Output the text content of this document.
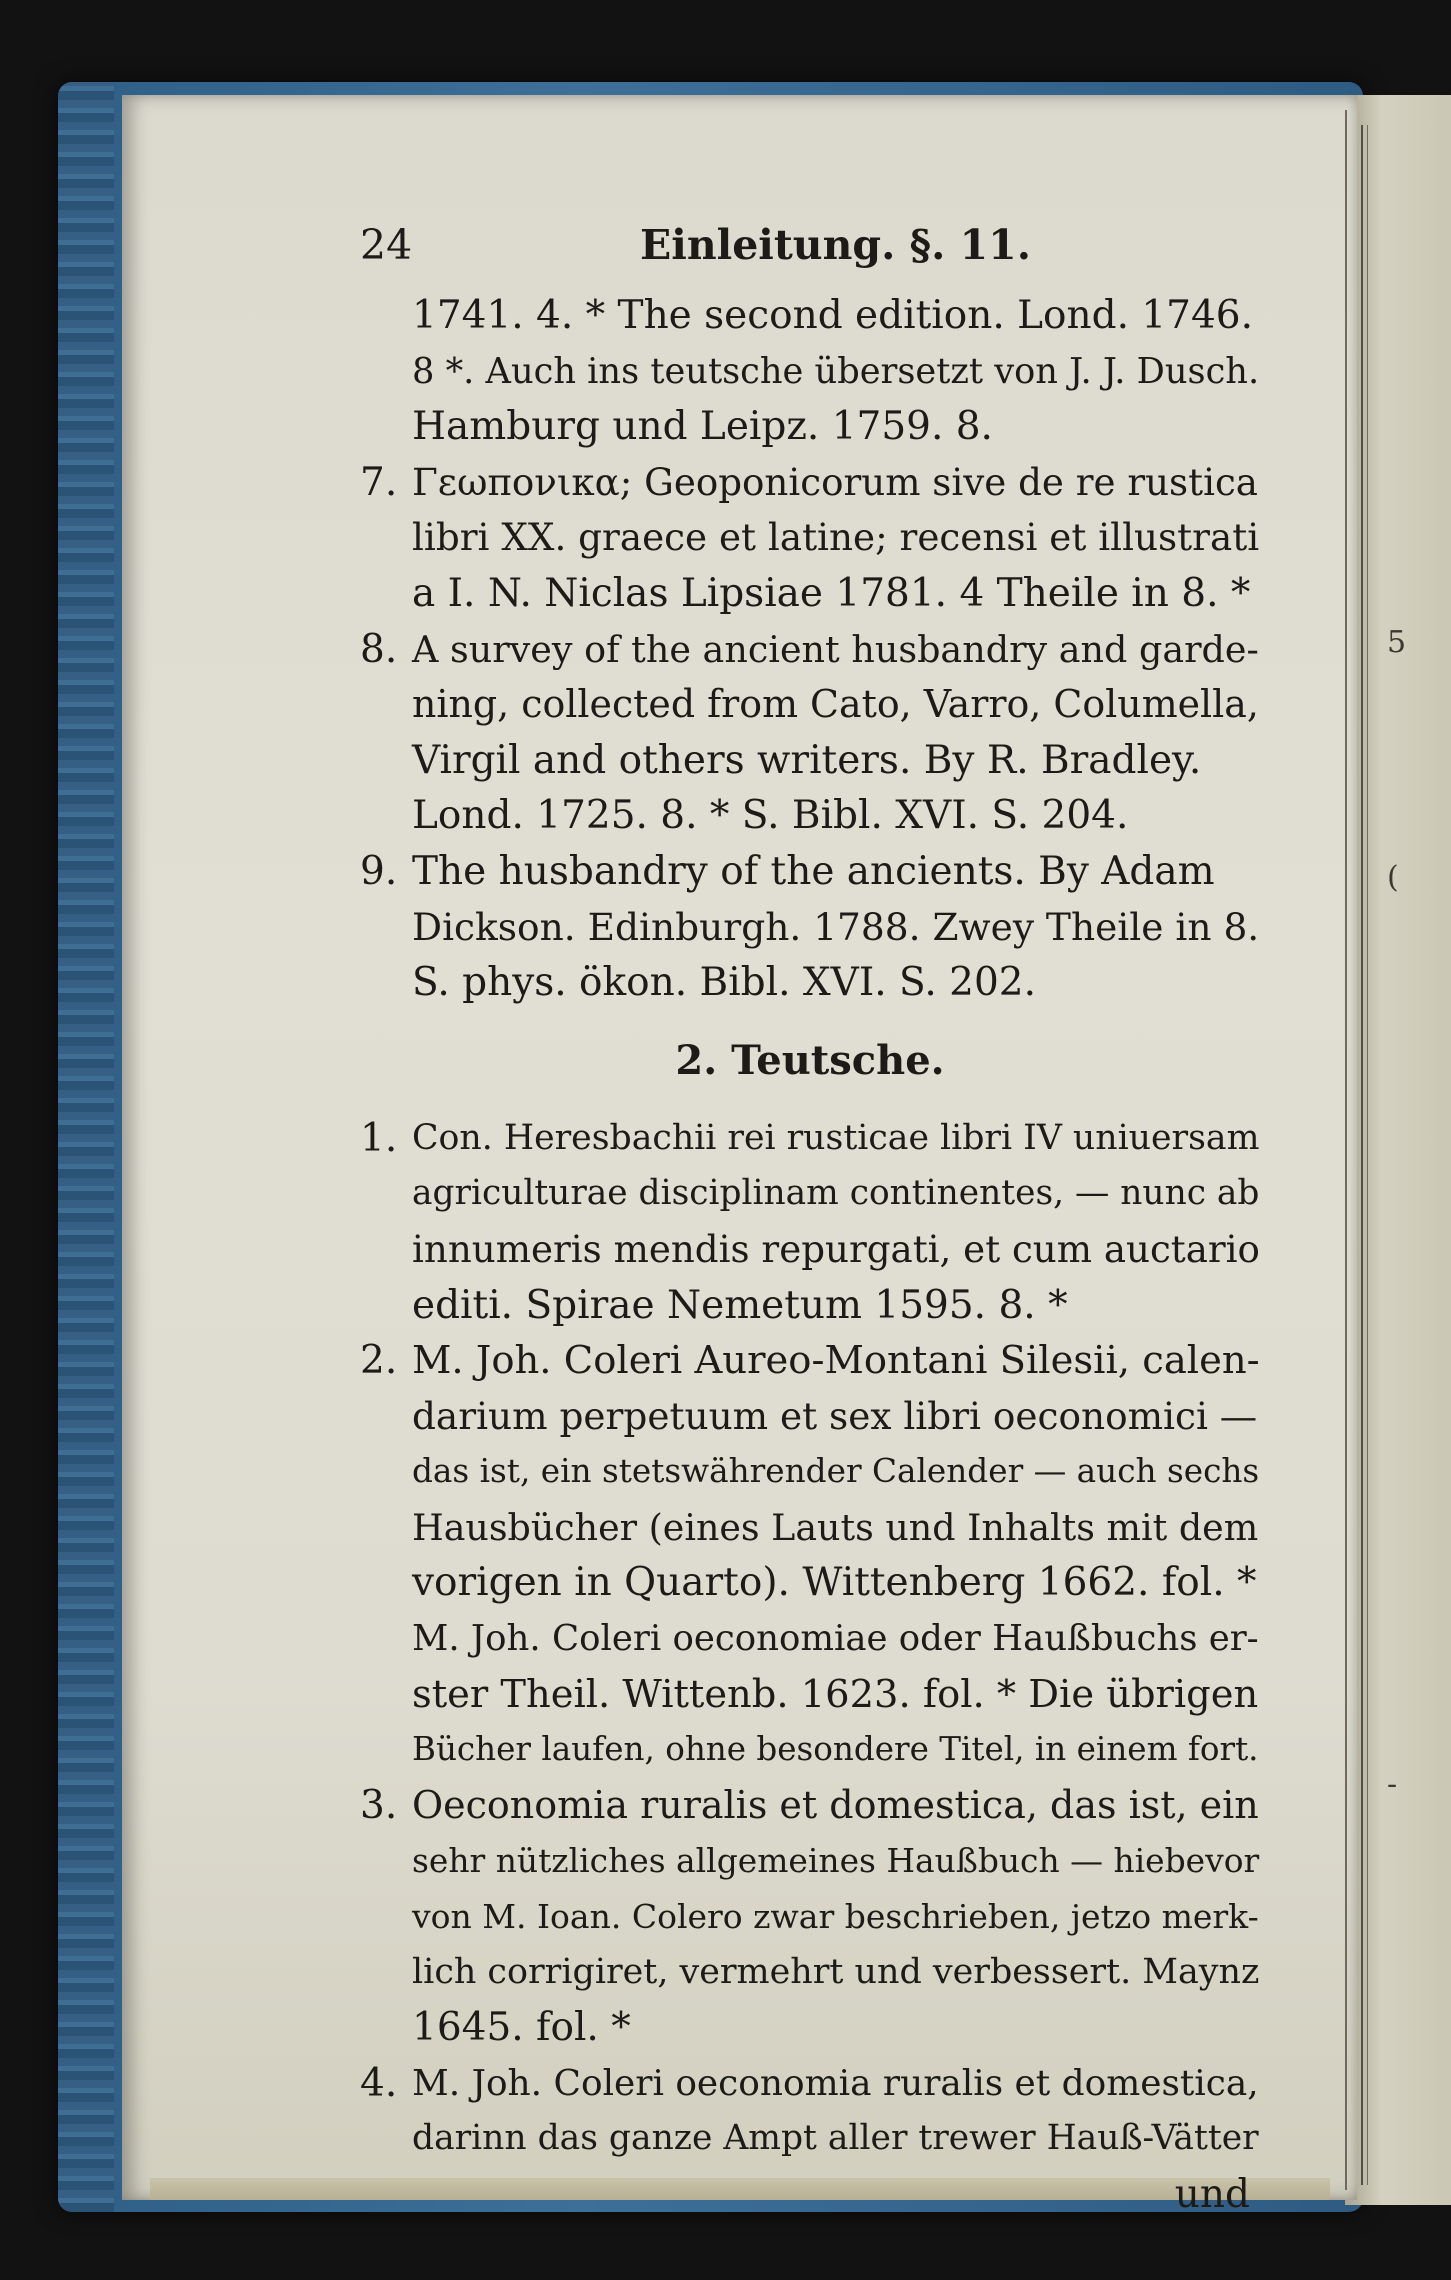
5
(
-
24	Einleitung. §. 11.
1741. 4. * The second edition. Lond. 1746.
8 *. Auch ins teutsche übersetzt von J. J. Dusch.
Hamburg und Leipz. 1759. 8.
7. Γεωπονικα; Geoponicorum sive de re rustica
libri XX. graece et latine; recensi et illustrati
a I. N. Niclas Lipsiae 1781. 4 Theile in 8. *
8. A survey of the ancient husbandry and garde-
ning, collected from Cato, Varro, Columella,
Virgil and others writers. By R. Bradley.
Lond. 1725. 8. * S. Bibl. XVI. S. 204.
9. The husbandry of the ancients. By Adam
Dickson. Edinburgh. 1788. Zwey Theile in 8.
S. phys. ökon. Bibl. XVI. S. 202.
2. Teutsche.
1. Con. Heresbachii rei rusticae libri IV uniuersam
agriculturae disciplinam continentes, — nunc ab
innumeris mendis repurgati, et cum auctario
editi. Spirae Nemetum 1595. 8. *
2. M. Joh. Coleri Aureo-Montani Silesii, calen-
darium perpetuum et sex libri oeconomici —
das ist, ein stetswährender Calender — auch sechs
Hausbücher (eines Lauts und Inhalts mit dem
vorigen in Quarto). Wittenberg 1662. fol. *
M. Joh. Coleri oeconomiae oder Haußbuchs er-
ster Theil. Wittenb. 1623. fol. * Die übrigen
Bücher laufen, ohne besondere Titel, in einem fort.
3. Oeconomia ruralis et domestica, das ist, ein
sehr nützliches allgemeines Haußbuch — hiebevor
von M. Ioan. Colero zwar beschrieben, jetzo merk-
lich corrigiret, vermehrt und verbessert. Maynz
1645. fol. *
4. M. Joh. Coleri oeconomia ruralis et domestica,
darinn das ganze Ampt aller trewer Hauß-Vätter
und
